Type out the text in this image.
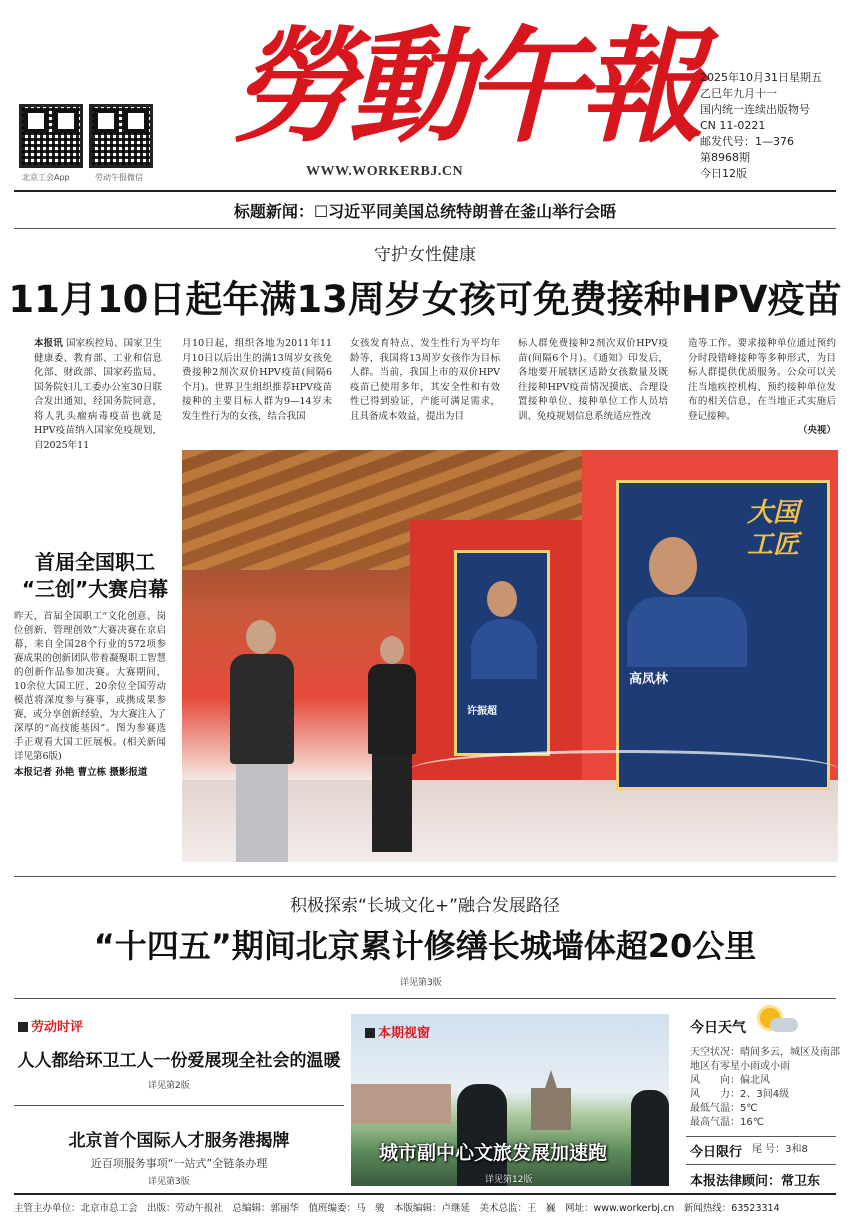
北京工会App	劳动午报微信
勞動午報
WWW.WORKERBJ.CN
2025年10月31日星期五
乙巳年九月十一
国内统一连续出版物号
CN 11-0221
邮发代号：1—376
第8968期
今日12版
标题新闻：☐习近平同美国总统特朗普在釜山举行会晤
守护女性健康
11月10日起年满13周岁女孩可免费接种HPV疫苗
本报讯 国家疾控局、国家卫生健康委、教育部、工业和信息化部、财政部、国家药监局、国务院妇儿工委办公室30日联合发出通知，经国务院同意，将人乳头瘤病毒疫苗也就是HPV疫苗纳入国家免疫规划，自2025年11
月10日起，组织各地为2011年11月10日以后出生的满13周岁女孩免费接种2剂次双价HPV疫苗(间隔6个月)。世界卫生组织推荐HPV疫苗接种的主要目标人群为9—14岁未发生性行为的女孩，结合我国
女孩发育特点、发生性行为平均年龄等，我国将13周岁女孩作为目标人群。当前，我国上市的双价HPV疫苗已使用多年，其安全性和有效性已得到验证，产能可满足需求，且具备成本效益，提出为目
标人群免费接种2剂次双价HPV疫苗(间隔6个月)。《通知》印发后，各地要开展辖区适龄女孩数量及既往接种HPV疫苗情况摸底、合理设置接种单位、接种单位工作人员培训、免疫规划信息系统适应性改
造等工作。要求接种单位通过预约分时段错峰接种等多种形式，为目标人群提供优质服务。公众可以关注当地疾控机构、预约接种单位发布的相关信息，在当地正式实施后登记接种。
（央视）
许振超
大国工匠
高凤林
首届全国职工
“三创”大赛启幕
昨天，首届全国职工“文化创意、岗位创新、管理创效”大赛决赛在京启幕，来自全国28个行业的572项参赛成果的创新团队带着凝聚职工智慧的创新作品参加决赛。大赛期间，10余位大国工匠、20余位全国劳动模范将深度参与赛事，或携成果参赛，或分享创新经验，为大赛注入了深厚的“高技能基因”。图为参赛选手正观看大国工匠展板。(相关新闻详见第6版)
本报记者 孙艳 曹立栋 摄影报道
积极探索“长城文化+”融合发展路径
“十四五”期间北京累计修缮长城墙体超20公里
详见第3版
劳动时评
人人都给环卫工人一份爱展现全社会的温暖
详见第2版
北京首个国际人才服务港揭牌
近百项服务事项“一站式”全链条办理
详见第3版
本期视窗
城市副中心文旅发展加速跑
详见第12版
今日天气
天空状况：晴间多云，城区及南部地区有零星小雨或小雨
风　　向：偏北风
风　　力：2、3间4级
最低气温：5℃
最高气温：16℃
今日限行 尾 号：3和8
本报法律顾问：常卫东
主管主办单位：北京市总工会　出版：劳动午报社　总编辑：郭丽华　值班编委：马　骏　本版编辑：卢继延　美术总监：王　巍　网址：www.workerbj.cn　新闻热线：63523314
